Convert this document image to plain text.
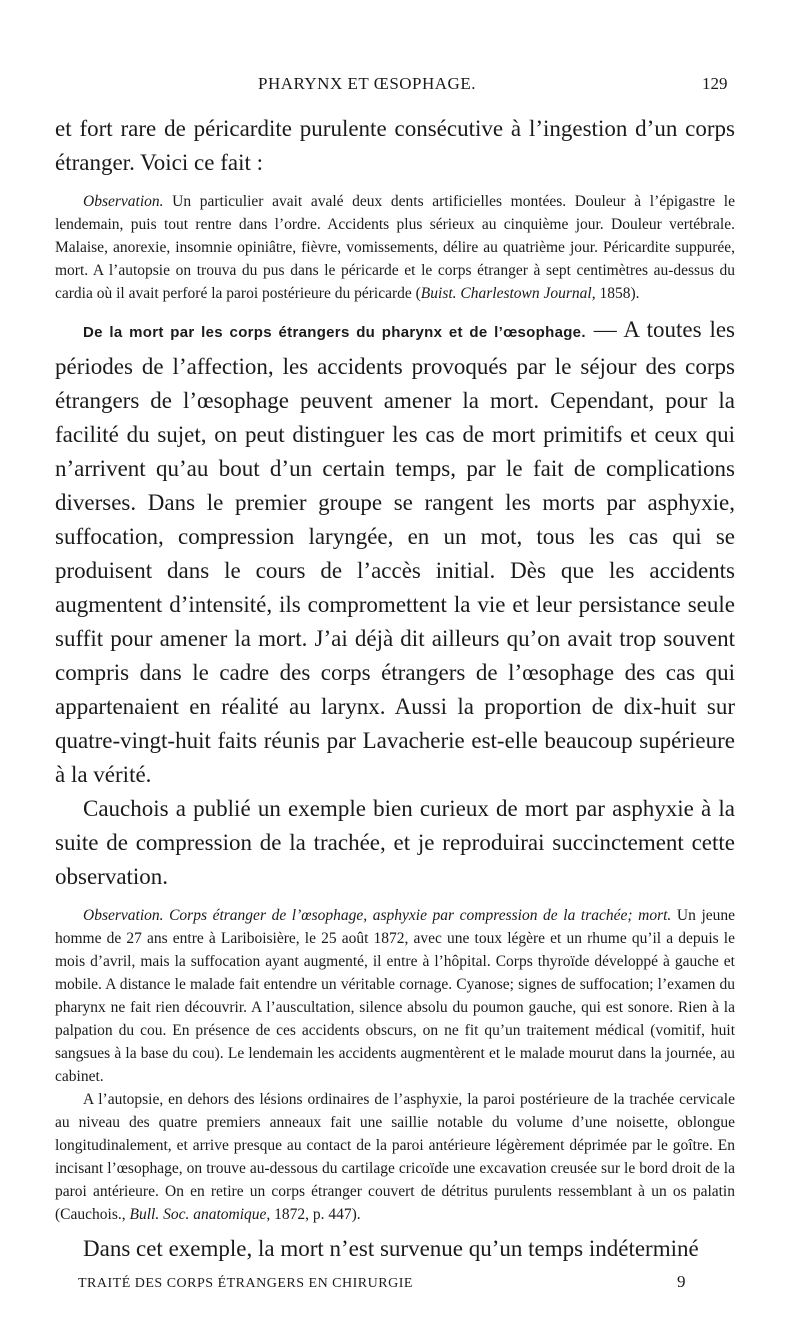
PHARYNX ET ŒSOPHAGE.	129

et fort rare de péricardite purulente consécutive à l’ingestion d’un corps étranger. Voici ce fait :

Observation. Un particulier avait avalé deux dents artificielles montées. Douleur à l’épigastre le lendemain, puis tout rentre dans l’ordre. Accidents plus sérieux au cinquième jour. Douleur vertébrale. Malaise, anorexie, insomnie opiniâtre, fièvre, vomissements, délire au quatrième jour. Péricardite suppurée, mort. A l’autopsie on trouva du pus dans le péricarde et le corps étranger à sept centimètres au-dessus du cardia où il avait perforé la paroi postérieure du péricarde (Buist. Charlestown Journal, 1858).

De la mort par les corps étrangers du pharynx et de l’œsophage. — A toutes les périodes de l’affection, les accidents provoqués par le séjour des corps étrangers de l’œsophage peuvent amener la mort. Cependant, pour la facilité du sujet, on peut distinguer les cas de mort primitifs et ceux qui n’arrivent qu’au bout d’un certain temps, par le fait de complications diverses. Dans le premier groupe se rangent les morts par asphyxie, suffocation, compression laryngée, en un mot, tous les cas qui se produisent dans le cours de l’accès initial. Dès que les accidents augmentent d’intensité, ils compromettent la vie et leur persistance seule suffit pour amener la mort. J’ai déjà dit ailleurs qu’on avait trop souvent compris dans le cadre des corps étrangers de l’œsophage des cas qui appartenaient en réalité au larynx. Aussi la proportion de dix-huit sur quatre-vingt-huit faits réunis par Lavacherie est-elle beaucoup supérieure à la vérité.

Cauchois a publié un exemple bien curieux de mort par asphyxie à la suite de compression de la trachée, et je reproduirai succinctement cette observation.

Observation. Corps étranger de l’œsophage, asphyxie par compression de la trachée; mort. Un jeune homme de 27 ans entre à Lariboisière, le 25 août 1872, avec une toux légère et un rhume qu’il a depuis le mois d’avril, mais la suffocation ayant augmenté, il entre à l’hôpital. Corps thyroïde développé à gauche et mobile. A distance le malade fait entendre un véritable cornage. Cyanose; signes de suffocation; l’examen du pharynx ne fait rien découvrir. A l’auscultation, silence absolu du poumon gauche, qui est sonore. Rien à la palpation du cou. En présence de ces accidents obscurs, on ne fit qu’un traitement médical (vomitif, huit sangsues à la base du cou). Le lendemain les accidents augmentèrent et le malade mourut dans la journée, au cabinet.

A l’autopsie, en dehors des lésions ordinaires de l’asphyxie, la paroi postérieure de la trachée cervicale au niveau des quatre premiers anneaux fait une saillie notable du volume d’une noisette, oblongue longitudinalement, et arrive presque au contact de la paroi antérieure légèrement déprimée par le goître. En incisant l’œsophage, on trouve au-dessous du cartilage cricoïde une excavation creusée sur le bord droit de la paroi antérieure. On en retire un corps étranger couvert de détritus purulents ressemblant à un os palatin (Cauchois., Bull. Soc. anatomique, 1872, p. 447).

Dans cet exemple, la mort n’est survenue qu’un temps indéterminé

TRAITÉ DES CORPS ÉTRANGERS EN CHIRURGIE	9
